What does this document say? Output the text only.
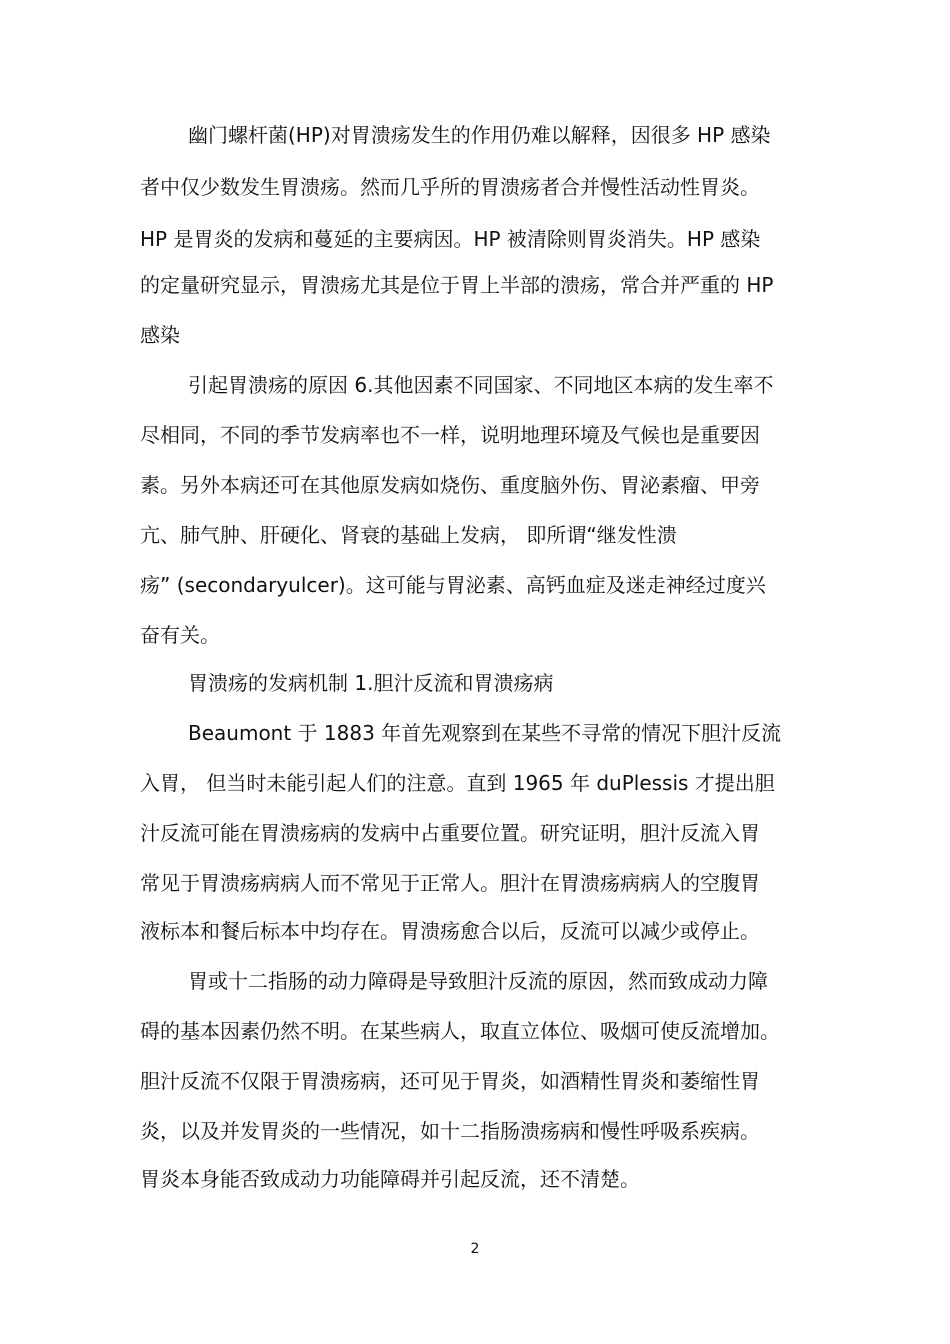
幽门螺杆菌(HP)对胃溃疡发生的作用仍难以解释，因很多 HP 感染
者中仅少数发生胃溃疡。然而几乎所的胃溃疡者合并慢性活动性胃炎。
HP 是胃炎的发病和蔓延的主要病因。HP 被清除则胃炎消失。HP 感染
的定量研究显示，胃溃疡尤其是位于胃上半部的溃疡，常合并严重的 HP
感染
引起胃溃疡的原因 6.其他因素不同国家、不同地区本病的发生率不
尽相同，不同的季节发病率也不一样，说明地理环境及气候也是重要因
素。另外本病还可在其他原发病如烧伤、重度脑外伤、胃泌素瘤、甲旁
亢、肺气肿、肝硬化、肾衰的基础上发病， 即所谓“继发性溃
疡” (secondaryulcer)。这可能与胃泌素、高钙血症及迷走神经过度兴
奋有关。
胃溃疡的发病机制 1.胆汁反流和胃溃疡病
Beaumont 于 1883 年首先观察到在某些不寻常的情况下胆汁反流
入胃， 但当时未能引起人们的注意。直到 1965 年 duPlessis 才提出胆
汁反流可能在胃溃疡病的发病中占重要位置。研究证明，胆汁反流入胃
常见于胃溃疡病病人而不常见于正常人。胆汁在胃溃疡病病人的空腹胃
液标本和餐后标本中均存在。胃溃疡愈合以后，反流可以减少或停止。
胃或十二指肠的动力障碍是导致胆汁反流的原因，然而致成动力障
碍的基本因素仍然不明。在某些病人，取直立体位、吸烟可使反流增加。
胆汁反流不仅限于胃溃疡病，还可见于胃炎，如酒精性胃炎和萎缩性胃
炎，以及并发胃炎的一些情况，如十二指肠溃疡病和慢性呼吸系疾病。
胃炎本身能否致成动力功能障碍并引起反流，还不清楚。
2
